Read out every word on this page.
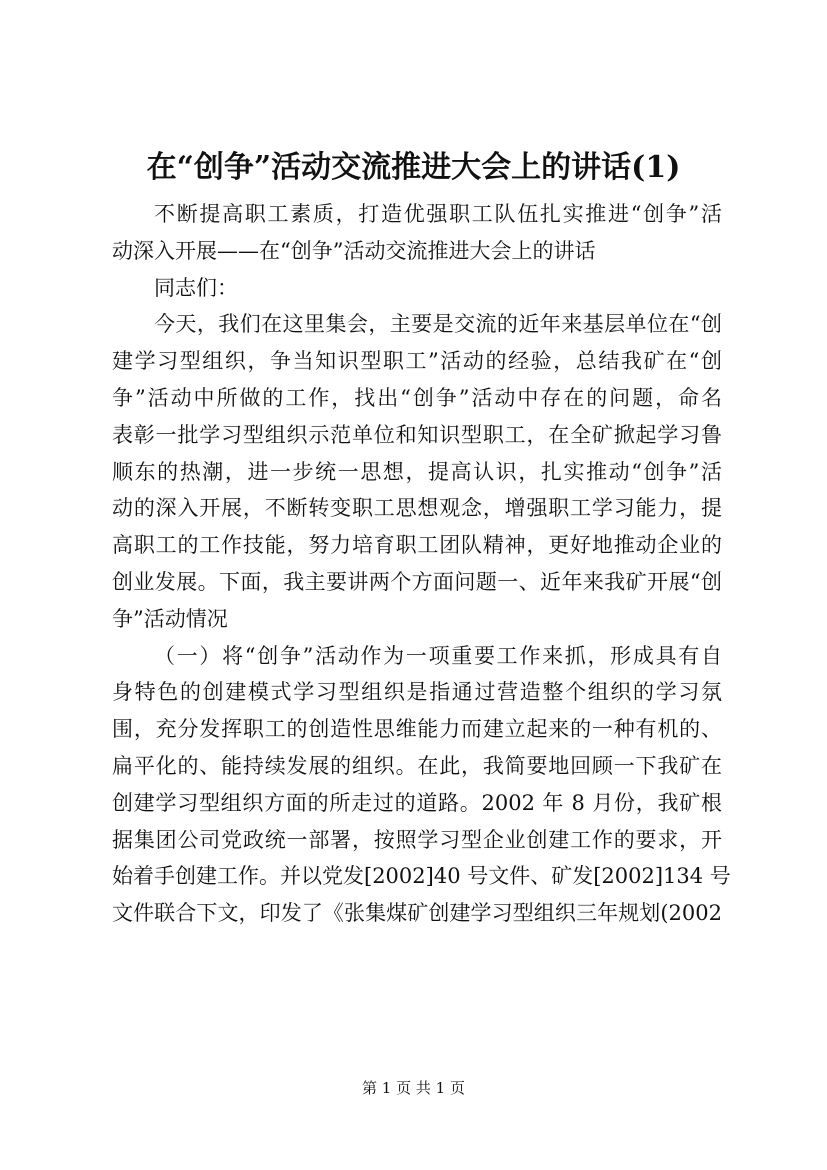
在“创争”活动交流推进大会上的讲话(1)
不断提高职工素质，打造优强职工队伍扎实推进“创争”活
动深入开展——在“创争”活动交流推进大会上的讲话
同志们：
今天，我们在这里集会，主要是交流的近年来基层单位在“创
建学习型组织，争当知识型职工”活动的经验，总结我矿在“创
争”活动中所做的工作，找出“创争”活动中存在的问题，命名
表彰一批学习型组织示范单位和知识型职工，在全矿掀起学习鲁
顺东的热潮，进一步统一思想，提高认识，扎实推动“创争”活
动的深入开展，不断转变职工思想观念，增强职工学习能力，提
高职工的工作技能，努力培育职工团队精神，更好地推动企业的
创业发展。下面，我主要讲两个方面问题一、近年来我矿开展“创
争”活动情况
（一）将“创争”活动作为一项重要工作来抓，形成具有自
身特色的创建模式学习型组织是指通过营造整个组织的学习氛
围，充分发挥职工的创造性思维能力而建立起来的一种有机的、
扁平化的、能持续发展的组织。在此，我简要地回顾一下我矿在
创建学习型组织方面的所走过的道路。2002 年 8 月份，我矿根
据集团公司党政统一部署，按照学习型企业创建工作的要求，开
始着手创建工作。并以党发[2002]40 号文件、矿发[2002]134 号
文件联合下文，印发了《张集煤矿创建学习型组织三年规划(2002
第 1 页 共 1 页
